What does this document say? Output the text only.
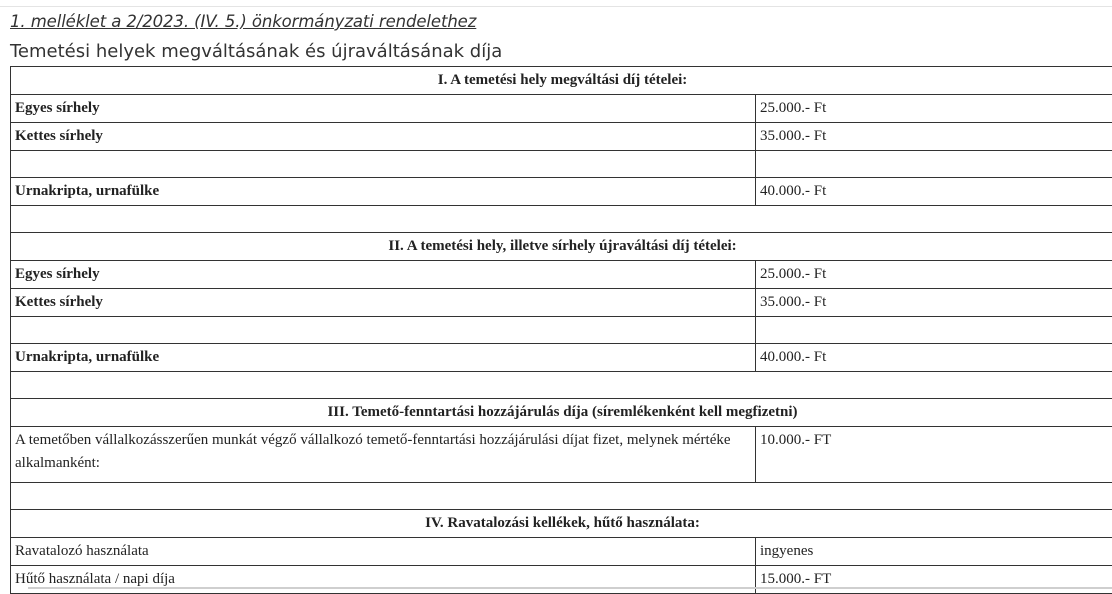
1. melléklet a 2/2023. (IV. 5.) önkormányzati rendelethez
Temetési helyek megváltásának és újraváltásának díja
I. A temetési hely megváltási díj tételei:	
Egyes sírhely	25.000.- Ft
Kettes sírhely	35.000.- Ft

Urnakripta, urnafülke	40.000.- Ft

II. A temetési hely, illetve sírhely újraváltási díj tételei:	
Egyes sírhely	25.000.- Ft
Kettes sírhely	35.000.- Ft

Urnakripta, urnafülke	40.000.- Ft

III. Temető-fenntartási hozzájárulás díja (síremlékenként kell megfizetni)	
A temetőben vállalkozásszerűen munkát végző vállalkozó temető-fenntartási hozzájárulási díjat fizet, melynek mértéke alkalmanként:	10.000.- FT

IV. Ravatalozási kellékek, hűtő használata:	
Ravatalozó használata	ingyenes
Hűtő használata / napi díja	15.000.- FT
